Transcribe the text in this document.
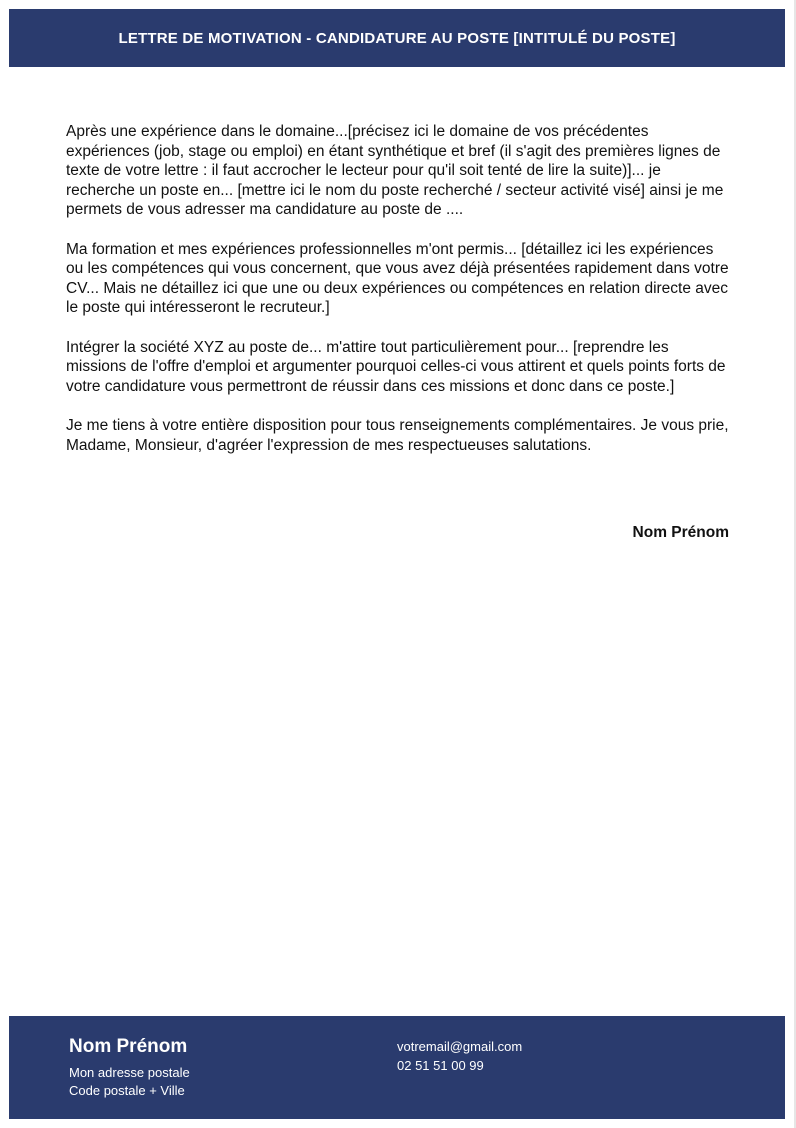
LETTRE DE MOTIVATION - CANDIDATURE AU POSTE [INTITULÉ DU POSTE]

Après une expérience dans le domaine...[précisez ici le domaine de vos précédentes expériences (job, stage ou emploi) en étant synthétique et bref (il s'agit des premières lignes de texte de votre lettre : il faut accrocher le lecteur pour qu'il soit tenté de lire la suite)]... je recherche un poste en... [mettre ici le nom du poste recherché / secteur activité visé] ainsi je me permets de vous adresser ma candidature au poste de ....

Ma formation et mes expériences professionnelles m'ont permis... [détaillez ici les expériences ou les compétences qui vous concernent, que vous avez déjà présentées rapidement dans votre CV... Mais ne détaillez ici que une ou deux expériences ou compétences en relation directe avec le poste qui intéresseront le recruteur.]

Intégrer la société XYZ au poste de... m'attire tout particulièrement pour... [reprendre les missions de l'offre d'emploi et argumenter pourquoi celles-ci vous attirent et quels points forts de votre candidature vous permettront de réussir dans ces missions et donc dans ce poste.]

Je me tiens à votre entière disposition pour tous renseignements complémentaires. Je vous prie, Madame, Monsieur, d'agréer l'expression de mes respectueuses salutations.

Nom Prénom
Nom Prénom
Mon adresse postale
Code postale + Ville
votremail@gmail.com
02 51 51 00 99
